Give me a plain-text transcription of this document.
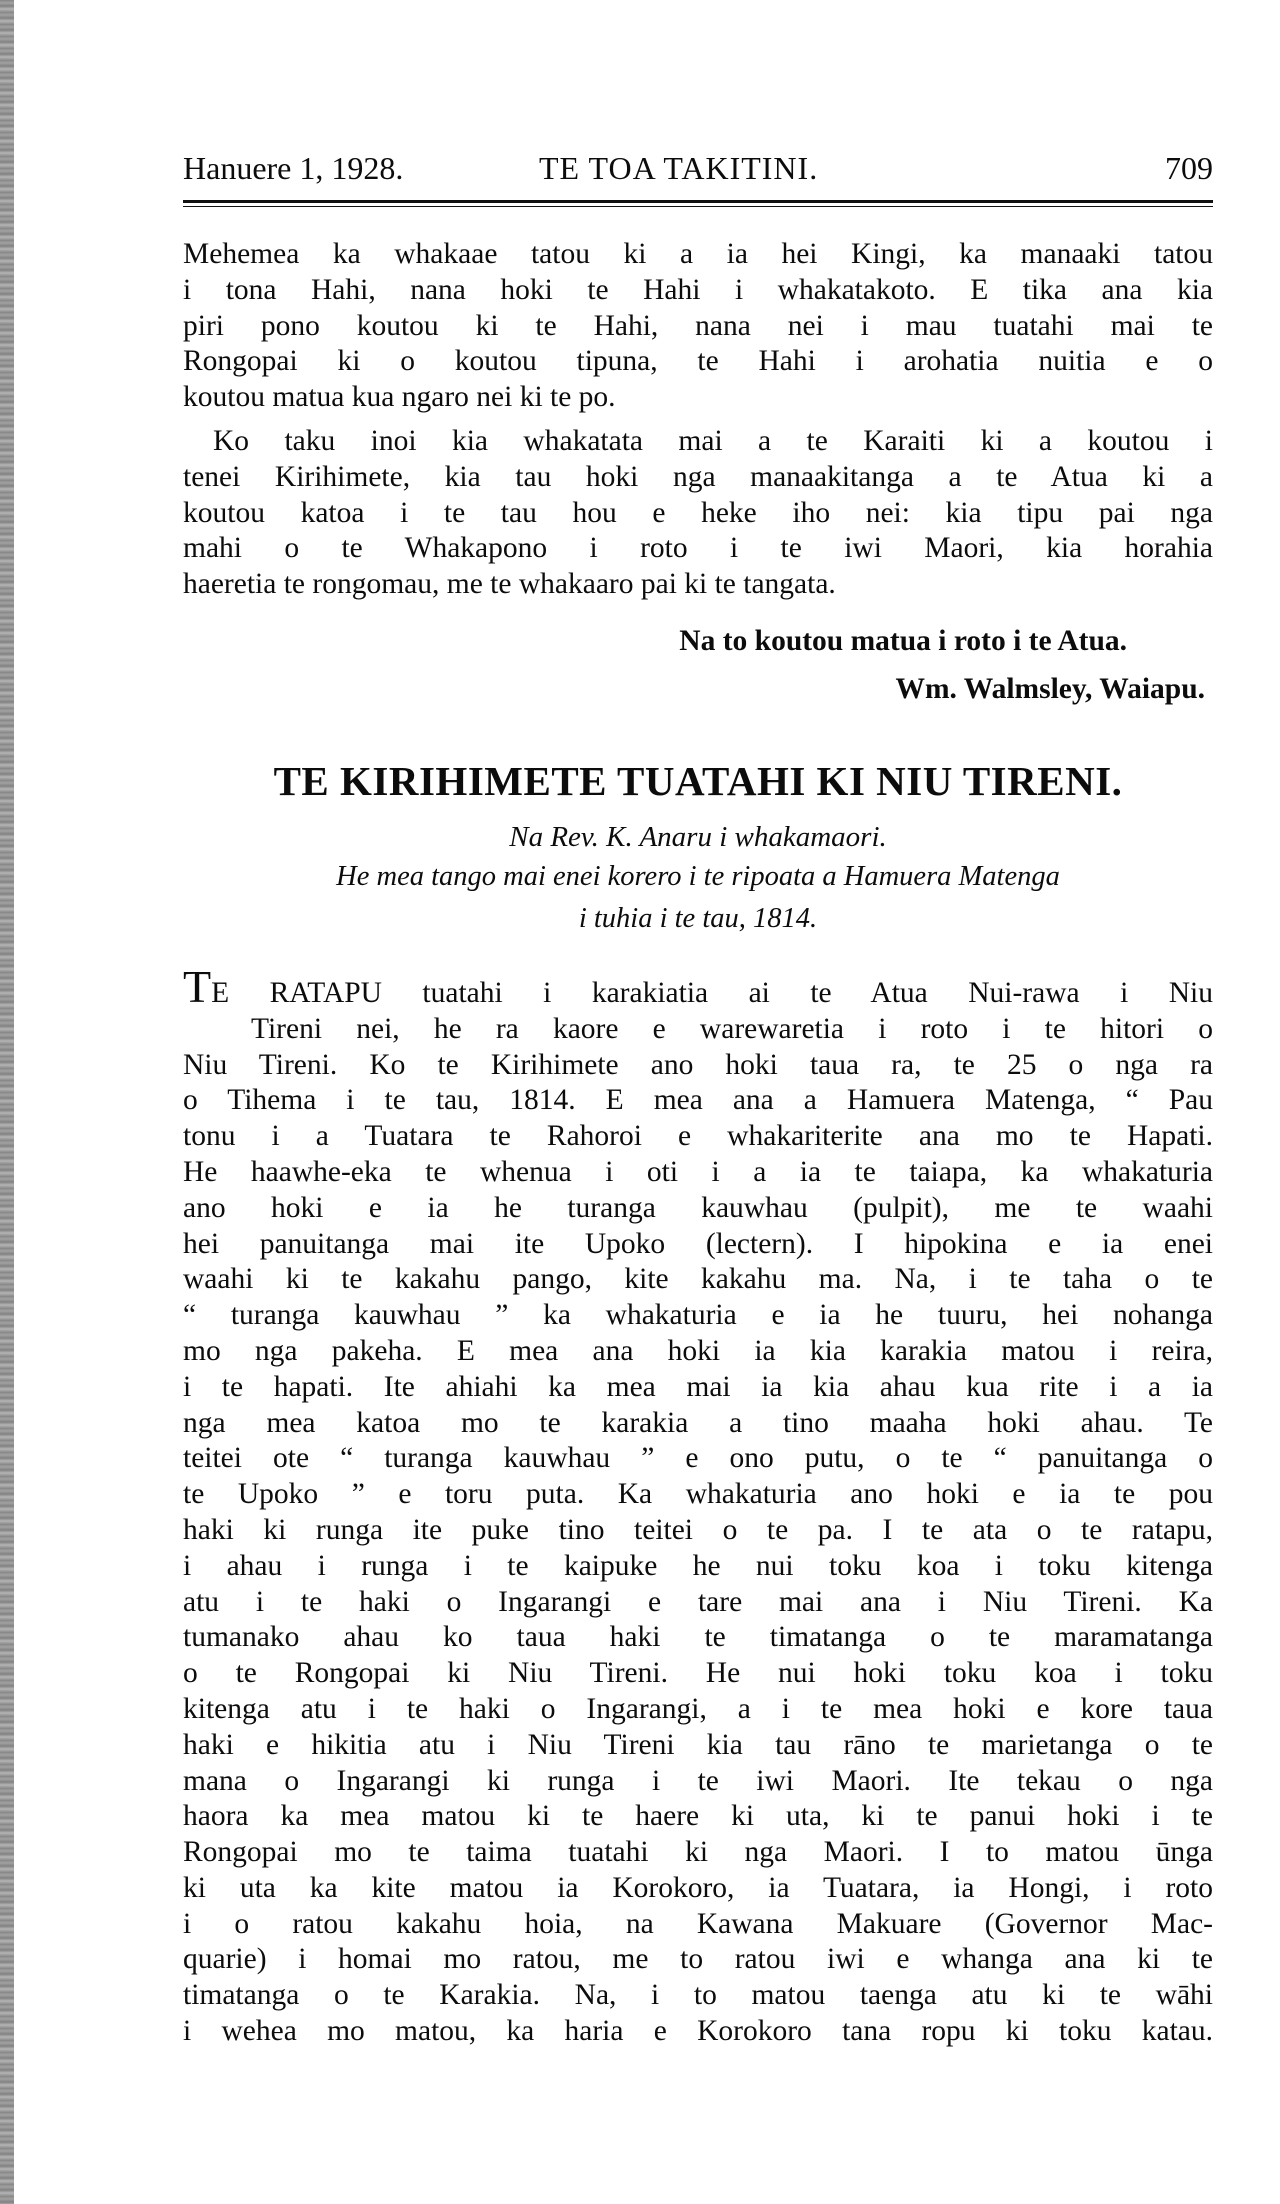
Hanuere 1, 1928.	TE TOA TAKITINI.	709
Mehemea ka whakaae tatou ki a ia hei Kingi, ka manaaki tatou
i tona Hahi, nana hoki te Hahi i whakatakoto. E tika ana kia
piri pono koutou ki te Hahi, nana nei i mau tuatahi mai te
Rongopai ki o koutou tipuna, te Hahi i arohatia nuitia e o
koutou matua kua ngaro nei ki te po.
Ko taku inoi kia whakatata mai a te Karaiti ki a koutou i
tenei Kirihimete, kia tau hoki nga manaakitanga a te Atua ki a
koutou katoa i te tau hou e heke iho nei: kia tipu pai nga
mahi o te Whakapono i roto i te iwi Maori, kia horahia
haeretia te rongomau, me te whakaaro pai ki te tangata.
Na to koutou matua i roto i te Atua.
Wm. Walmsley, Waiapu.
TE KIRIHIMETE TUATAHI KI NIU TIRENI.
Na Rev. K. Anaru i whakamaori.
He mea tango mai enei korero i te ripoata a Hamuera Matenga
i tuhia i te tau, 1814.
TE RATAPU tuatahi i karakiatia ai te Atua Nui-rawa i Niu
Tireni nei, he ra kaore e warewaretia i roto i te hitori o
Niu Tireni. Ko te Kirihimete ano hoki taua ra, te 25 o nga ra
o Tihema i te tau, 1814. E mea ana a Hamuera Matenga, “ Pau
tonu i a Tuatara te Rahoroi e whakariterite ana mo te Hapati.
He haawhe-eka te whenua i oti i a ia te taiapa, ka whakaturia
ano hoki e ia he turanga kauwhau (pulpit), me te waahi
hei panuitanga mai ite Upoko (lectern). I hipokina e ia enei
waahi ki te kakahu pango, kite kakahu ma. Na, i te taha o te
“ turanga kauwhau ” ka whakaturia e ia he tuuru, hei nohanga
mo nga pakeha. E mea ana hoki ia kia karakia matou i reira,
i te hapati. Ite ahiahi ka mea mai ia kia ahau kua rite i a ia
nga mea katoa mo te karakia a tino maaha hoki ahau. Te
teitei ote “ turanga kauwhau ” e ono putu, o te “ panuitanga o
te Upoko ” e toru puta. Ka whakaturia ano hoki e ia te pou
haki ki runga ite puke tino teitei o te pa. I te ata o te ratapu,
i ahau i runga i te kaipuke he nui toku koa i toku kitenga
atu i te haki o Ingarangi e tare mai ana i Niu Tireni. Ka
tumanako ahau ko taua haki te timatanga o te maramatanga
o te Rongopai ki Niu Tireni. He nui hoki toku koa i toku
kitenga atu i te haki o Ingarangi, a i te mea hoki e kore taua
haki e hikitia atu i Niu Tireni kia tau rāno te marietanga o te
mana o Ingarangi ki runga i te iwi Maori. Ite tekau o nga
haora ka mea matou ki te haere ki uta, ki te panui hoki i te
Rongopai mo te taima tuatahi ki nga Maori. I to matou ūnga
ki uta ka kite matou ia Korokoro, ia Tuatara, ia Hongi, i roto
i o ratou kakahu hoia, na Kawana Makuare (Governor Mac-
quarie) i homai mo ratou, me to ratou iwi e whanga ana ki te
timatanga o te Karakia. Na, i to matou taenga atu ki te wāhi
i wehea mo matou, ka haria e Korokoro tana ropu ki toku katau.
